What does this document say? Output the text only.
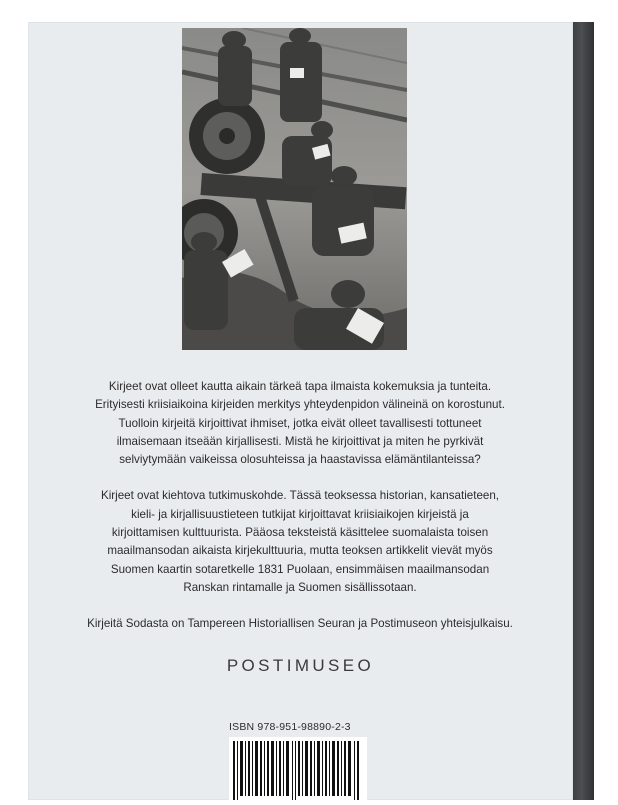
Kirjeet ovat olleet kautta aikain tärkeä tapa ilmaista kokemuksia ja tunteita.
Erityisesti kriisiaikoina kirjeiden merkitys yhteydenpidon välineinä on korostunut.
Tuolloin kirjeitä kirjoittivat ihmiset, jotka eivät olleet tavallisesti tottuneet
ilmaisemaan itseään kirjallisesti. Mistä he kirjoittivat ja miten he pyrkivät
selviytymään vaikeissa olosuhteissa ja haastavissa elämäntilanteissa?

Kirjeet ovat kiehtova tutkimuskohde. Tässä teoksessa historian, kansatieteen,
kieli- ja kirjallisuustieteen tutkijat kirjoittavat kriisiaikojen kirjeistä ja
kirjoittamisen kulttuurista. Pääosa teksteistä käsittelee suomalaista toisen
maailmansodan aikaista kirjekulttuuria, mutta teoksen artikkelit vievät myös
Suomen kaartin sotaretkelle 1831 Puolaan, ensimmäisen maailmansodan
Ranskan rintamalle ja Suomen sisällissotaan.

Kirjeitä Sodasta on Tampereen Historiallisen Seuran ja Postimuseon yhteisjulkaisu.

POSTIMUSEO
ISBN 978-951-98890-2-3
